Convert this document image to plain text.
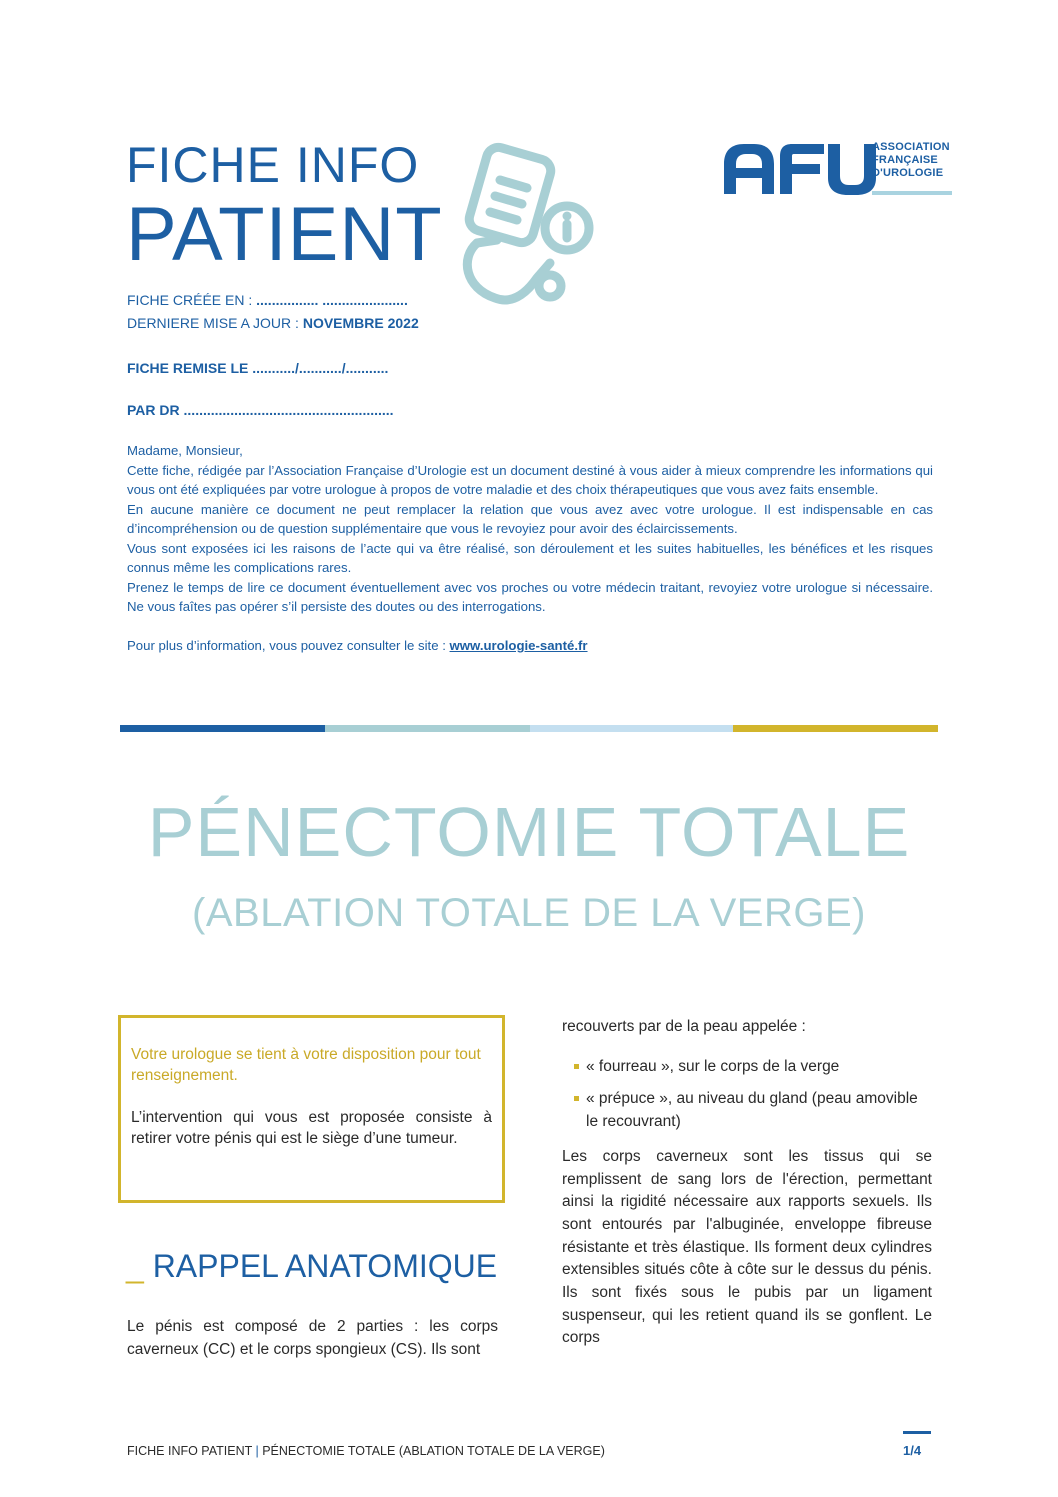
FICHE INFO
PATIENT
ASSOCIATION
FRANÇAISE
D'UROLOGIE
FICHE CRÉÉE EN : ................ ......................
DERNIERE MISE A JOUR : NOVEMBRE 2022
FICHE REMISE LE .........../.........../...........
PAR DR ......................................................

Madame, Monsieur,

Cette fiche, rédigée par l’Association Française d’Urologie est un document destiné à vous aider à mieux comprendre les informations qui vous ont été expliquées par votre urologue à propos de votre maladie et des choix thérapeutiques que vous avez faits ensemble.

En aucune manière ce document ne peut remplacer la relation que vous avez avec votre urologue. Il est indispensable en cas d’incompréhension ou de question supplémentaire que vous le revoyiez pour avoir des éclaircissements.

Vous sont exposées ici les raisons de l’acte qui va être réalisé, son déroulement et les suites habituelles, les bénéfices et les risques connus même les complications rares.

Prenez le temps de lire ce document éventuellement avec vos proches ou votre médecin traitant, revoyiez votre urologue si nécessaire. Ne vous faîtes pas opérer s’il persiste des doutes ou des interrogations.

Pour plus d’information, vous pouvez consulter le site : www.urologie-santé.fr

PÉNECTOMIE TOTALE
(ABLATION TOTALE DE LA VERGE)
Votre urologue se tient à votre disposition pour tout renseignement.
L’intervention qui vous est proposée consiste à retirer votre pénis qui est le siège d’une tumeur.
_ RAPPEL ANATOMIQUE
Le pénis est composé de 2 parties : les corps caverneux (CC) et le corps spongieux (CS). Ils sont
recouverts par de la peau appelée :
« fourreau », sur le corps de la verge
« prépuce », au niveau du gland (peau amovible le recouvrant)
Les corps caverneux sont les tissus qui se remplissent de sang lors de l'érection, permettant ainsi la rigidité nécessaire aux rapports sexuels. Ils sont entourés par l'albuginée, enveloppe fibreuse résistante et très élastique. Ils forment deux cylindres extensibles situés côte à côte sur le dessus du pénis. Ils sont fixés sous le pubis par un ligament suspenseur, qui les retient quand ils se gonflent. Le corps
FICHE INFO PATIENT | PÉNECTOMIE TOTALE (ABLATION TOTALE DE LA VERGE)	1/4
